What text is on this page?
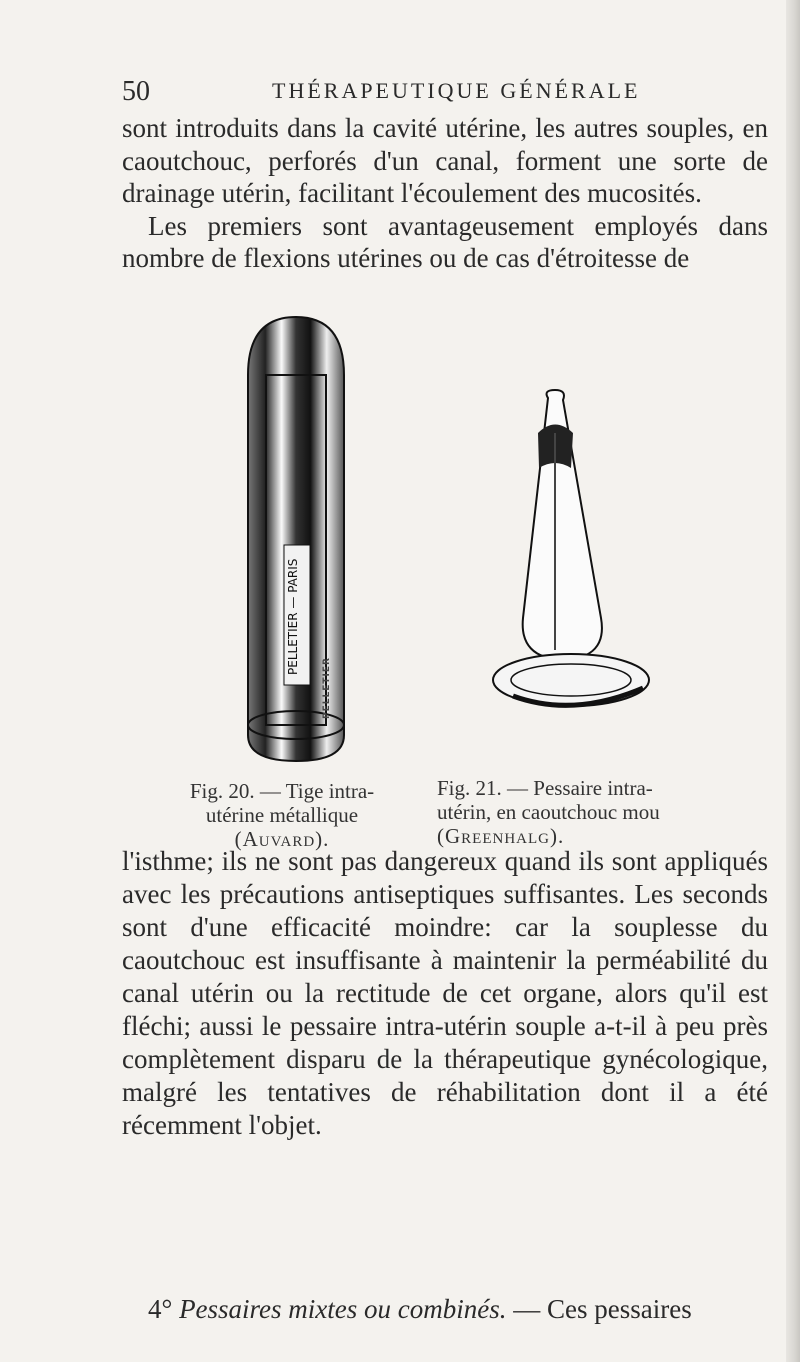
50	THÉRAPEUTIQUE GÉNÉRALE
sont introduits dans la cavité utérine, les autres souples, en caoutchouc, perforés d'un canal, forment une sorte de drainage utérin, facilitant l'écoulement des mucosités.
Les premiers sont avantageusement employés dans nombre de flexions utérines ou de cas d'étroitesse de
PELLETIER — PARIS
PELLETIER
Fig. 20. — Tige intra-utérine métallique
(Auvard).
Fig. 21. — Pessaire intra-utérin, en caoutchouc mou
(Greenhalg).
l'isthme; ils ne sont pas dangereux quand ils sont appliqués avec les précautions antiseptiques suffisantes. Les seconds sont d'une efficacité moindre: car la souplesse du caoutchouc est insuffisante à maintenir la perméabilité du canal utérin ou la rectitude de cet organe, alors qu'il est fléchi; aussi le pessaire intra-utérin souple a-t-il à peu près complètement disparu de la thérapeutique gynécologique, malgré les tentatives de réhabilitation dont il a été récemment l'objet.
4° Pessaires mixtes ou combinés. — Ces pessaires
